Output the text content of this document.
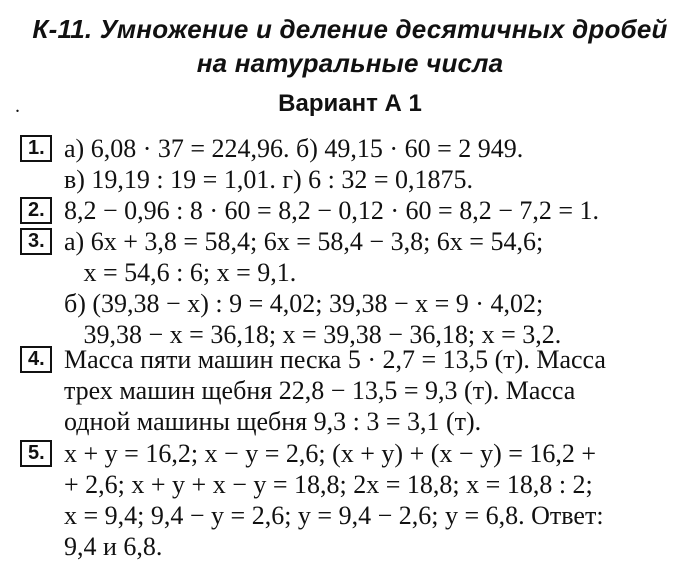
К-11. Умножение и деление десятичных дробей
на натуральные числа
.	Вариант А 1
1. а) 6,08 · 37 = 224,96. б) 49,15 · 60 = 2 949.
в) 19,19 : 19 = 1,01. г) 6 : 32 = 0,1875.
2. 8,2 − 0,96 : 8 · 60 = 8,2 − 0,12 · 60 = 8,2 − 7,2 = 1.
3. а) 6x + 3,8 = 58,4; 6x = 58,4 − 3,8; 6x = 54,6;
x = 54,6 : 6; x = 9,1.
б) (39,38 − x) : 9 = 4,02; 39,38 − x = 9 · 4,02;
39,38 − x = 36,18; x = 39,38 − 36,18; x = 3,2.
4. Масса пяти машин песка 5 · 2,7 = 13,5 (т). Масса
трех машин щебня 22,8 − 13,5 = 9,3 (т). Масса
одной машины щебня 9,3 : 3 = 3,1 (т).
5. x + y = 16,2; x − y = 2,6; (x + y) + (x − y) = 16,2 +
+ 2,6; x + y + x − y = 18,8; 2x = 18,8; x = 18,8 : 2;
x = 9,4; 9,4 − y = 2,6; y = 9,4 − 2,6; y = 6,8. Ответ:
9,4 и 6,8.
